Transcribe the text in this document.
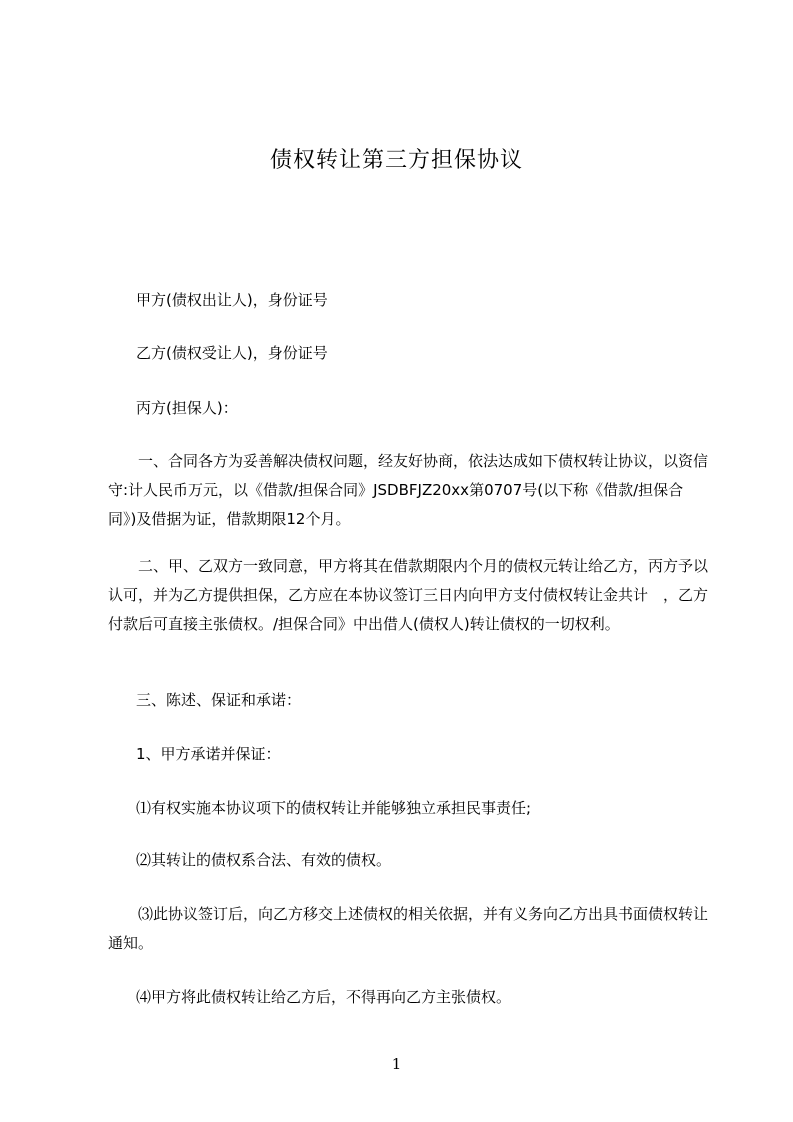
债权转让第三方担保协议

甲方(债权出让人)，身份证号

乙方(债权受让人)，身份证号

丙方(担保人)：

一、合同各方为妥善解决债权问题，经友好协商，依法达成如下债权转让协议，以资信守:计人民币万元，以《借款/担保合同》JSDBFJZ20xx第0707号(以下称《借款/担保合同》)及借据为证，借款期限12个月。

二、甲、乙双方一致同意，甲方将其在借款期限内个月的债权元转让给乙方，丙方予以认可，并为乙方提供担保，乙方应在本协议签订三日内向甲方支付债权转让金共计　，乙方付款后可直接主张债权。/担保合同》中出借人(债权人)转让债权的一切权利。

三、陈述、保证和承诺：

1、甲方承诺并保证：

⑴有权实施本协议项下的债权转让并能够独立承担民事责任;

⑵其转让的债权系合法、有效的债权。

⑶此协议签订后，向乙方移交上述债权的相关依据，并有义务向乙方出具书面债权转让通知。

⑷甲方将此债权转让给乙方后，不得再向乙方主张债权。

1
